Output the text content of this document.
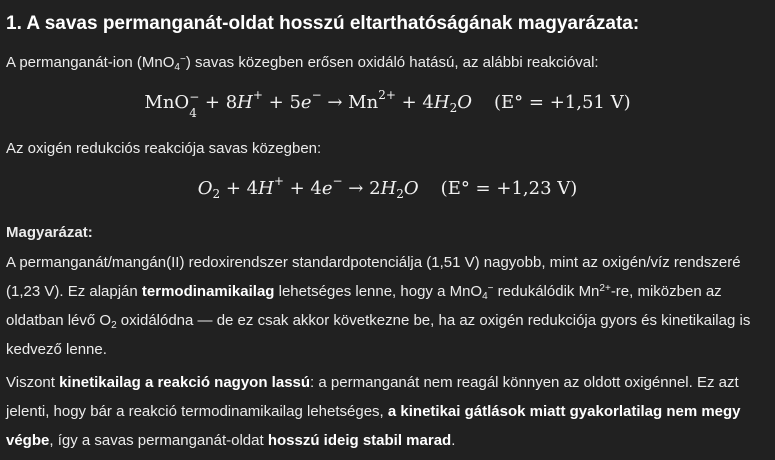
1. A savas permanganát-oldat hosszú eltarthatóságának magyarázata:

A permanganát-ion (MnO$_4$−) savas közegben erősen oxidáló hatású, az alábbi reakcióval:

MnO −
$4 + 8H^+ + 5e^- \to Mn^{2+} + 4H_2O$ (E° = +1,51 V)

Az oxigén redukciós reakciója savas közegben:

$O_2 + 4H^+ + 4e^- \to 2H_2O$ (E° = +1,23 V)
Magyarázat:

A permanganát/mangán(II) redoxirendszer standardpotenciálja (1,51 V) nagyobb, mint az oxigén/víz rendszeré (1,23 V). Ez alapján termodinamikailag lehetséges lenne, hogy a MnO$_4$− redukálódik $Mn^{2+}-re$, miközben az oldatban lévő $O_2$ oxidálódna — de ez csak akkor következne be, ha az oxigén redukciója gyors és kinetikailag is kedvező lenne.

Viszont kinetikailag a reakció nagyon lassú: a permanganát nem reagál könnyen az oldott oxigénnel. Ez azt jelenti, hogy bár a reakció termodinamikailag lehetséges, a kinetikai gátlások miatt gyakorlatilag nem megy végbe, így a savas permanganát-oldat hosszú ideig stabil marad.
